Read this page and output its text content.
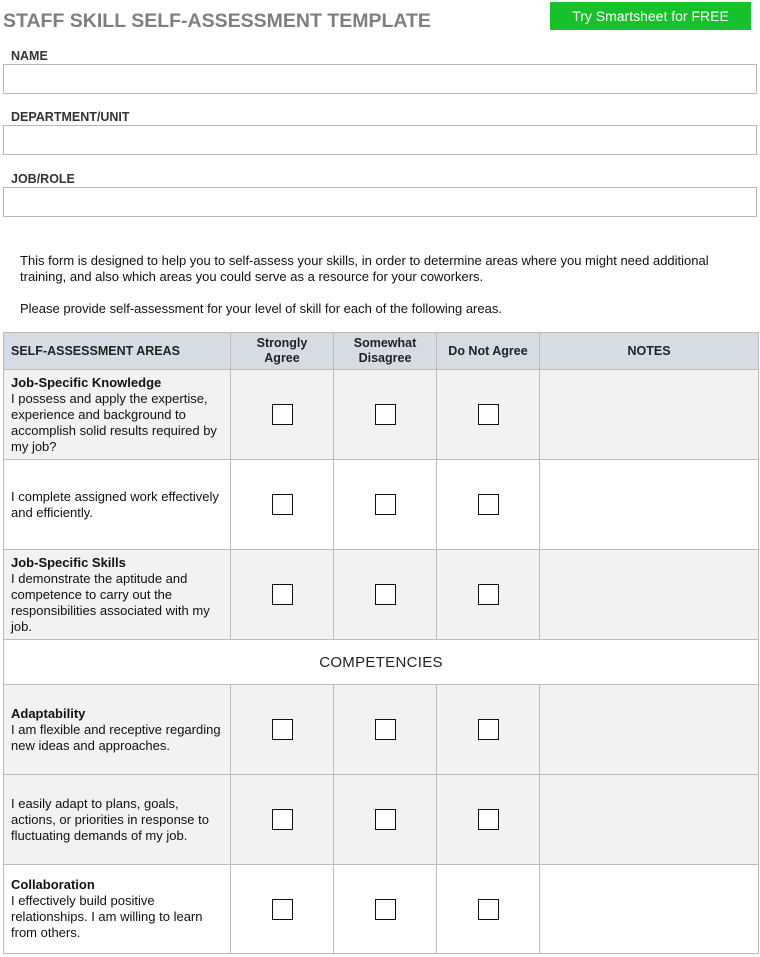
STAFF SKILL SELF-ASSESSMENT TEMPLATE	Try Smartsheet for FREE
NAME
DEPARTMENT/UNIT
JOB/ROLE
This form is designed to help you to self-assess your skills, in order to determine areas where you might need additional training, and also which areas you could serve as a resource for your coworkers.
Please provide self-assessment for your level of skill for each of the following areas.
SELF-ASSESSMENT AREAS	Strongly Agree	Somewhat Disagree	Do Not Agree	NOTES

Job-Specific Knowledge
I possess and apply the expertise, experience and background to accomplish solid results required by my job?				

I complete assigned work effectively and efficiently.				

Job-Specific Skills
I demonstrate the aptitude and competence to carry out the responsibilities associated with my job.				

COMPETENCIES				

Adaptability
I am flexible and receptive regarding new ideas and approaches.				

I easily adapt to plans, goals, actions, or priorities in response to fluctuating demands of my job.				

Collaboration
I effectively build positive relationships. I am willing to learn from others.				
